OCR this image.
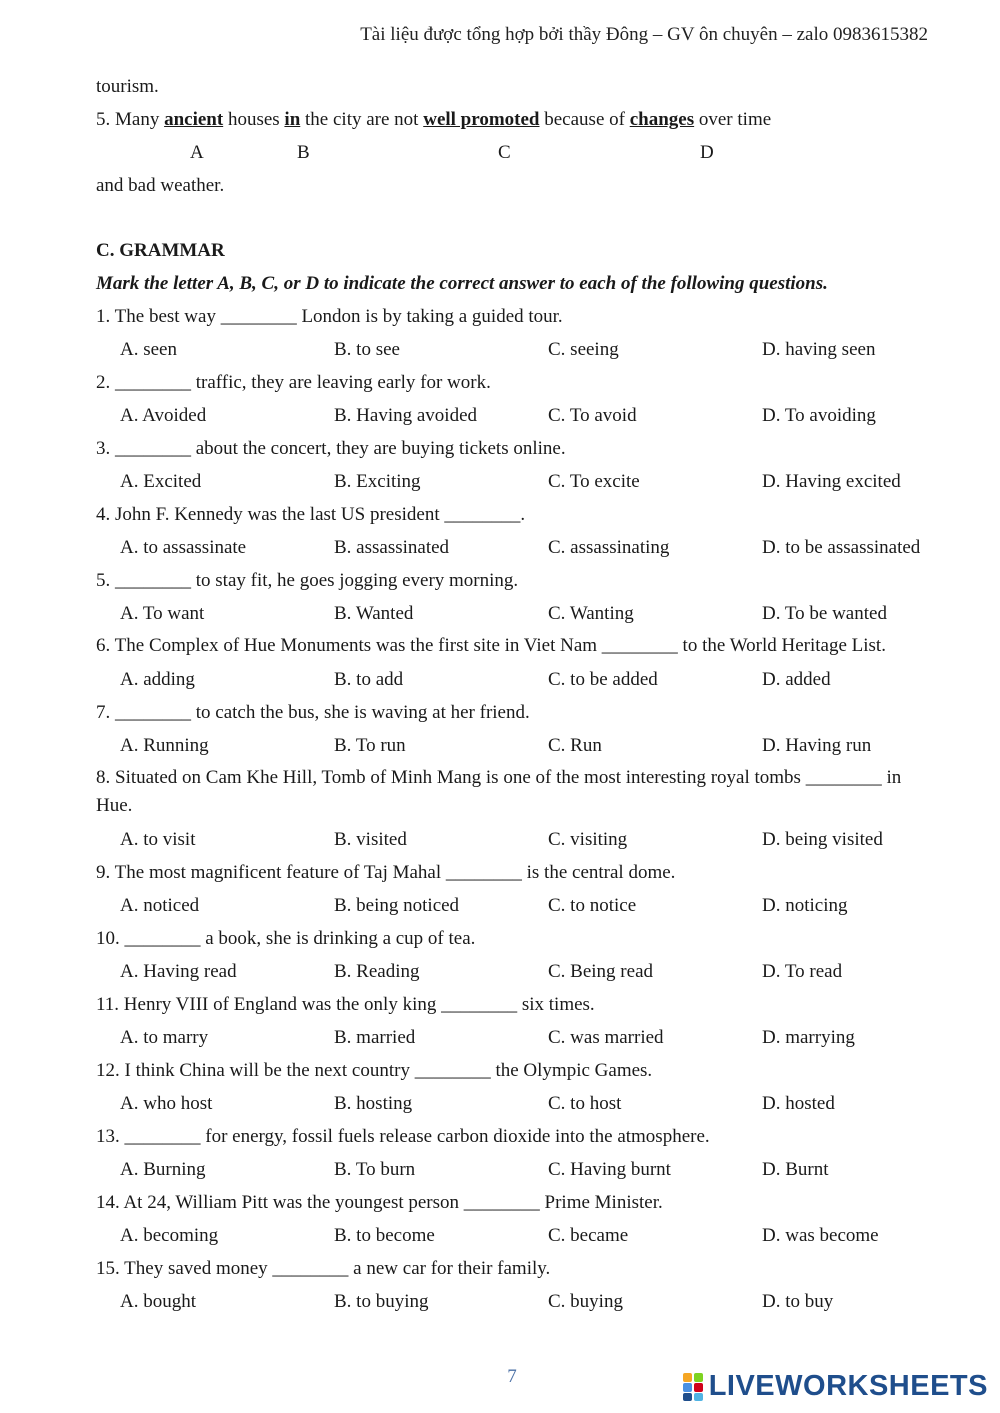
Tài liệu được tổng hợp bởi thầy Đông – GV ôn chuyên – zalo 0983615382
tourism.
5. Many ancient houses in the city are not well promoted because of changes over time
A	B	C	D
and bad weather.
C. GRAMMAR
Mark the letter A, B, C, or D to indicate the correct answer to each of the following questions.
1. The best way ________ London is by taking a guided tour.
A. seen	B. to see	C. seeing	D. having seen
2. ________ traffic, they are leaving early for work.
A. Avoided	B. Having avoided	C. To avoid	D. To avoiding
3. ________ about the concert, they are buying tickets online.
A. Excited	B. Exciting	C. To excite	D. Having excited
4. John F. Kennedy was the last US president ________.
A. to assassinate	B. assassinated	C. assassinating	D. to be assassinated
5. ________ to stay fit, he goes jogging every morning.
A. To want	B. Wanted	C. Wanting	D. To be wanted
6. The Complex of Hue Monuments was the first site in Viet Nam ________ to the World Heritage List.
A. adding	B. to add	C. to be added	D. added
7. ________ to catch the bus, she is waving at her friend.
A. Running	B. To run	C. Run	D. Having run
8. Situated on Cam Khe Hill, Tomb of Minh Mang is one of the most interesting royal tombs ________ in Hue.
A. to visit	B. visited	C. visiting	D. being visited
9. The most magnificent feature of Taj Mahal ________ is the central dome.
A. noticed	B. being noticed	C. to notice	D. noticing
10. ________ a book, she is drinking a cup of tea.
A. Having read	B. Reading	C. Being read	D. To read
11. Henry VIII of England was the only king ________ six times.
A. to marry	B. married	C. was married	D. marrying
12. I think China will be the next country ________ the Olympic Games.
A. who host	B. hosting	C. to host	D. hosted
13. ________ for energy, fossil fuels release carbon dioxide into the atmosphere.
A. Burning	B. To burn	C. Having burnt	D. Burnt
14. At 24, William Pitt was the youngest person ________ Prime Minister.
A. becoming	B. to become	C. became	D. was become
15. They saved money ________ a new car for their family.
A. bought	B. to buying	C. buying	D. to buy
7	LIVEWORKSHEETS
